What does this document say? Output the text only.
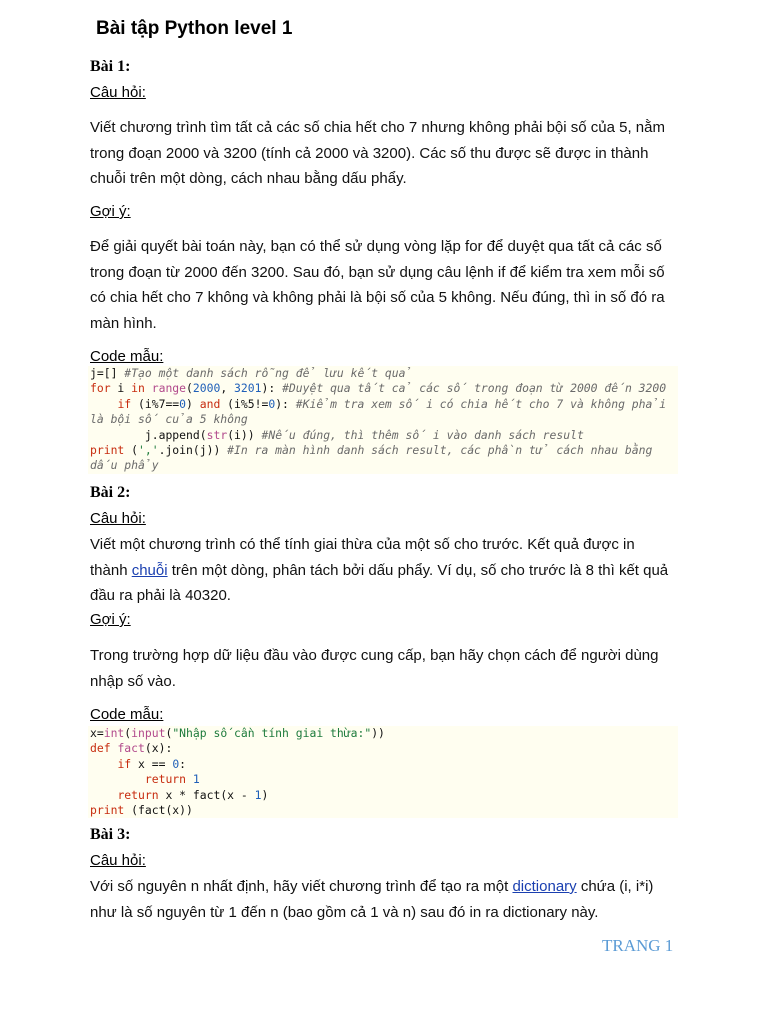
Bài tập Python level 1
Bài 1:
Câu hỏi:
Viết chương trình tìm tất cả các số chia hết cho 7 nhưng không phải bội số của 5, nằm
trong đoạn 2000 và 3200 (tính cả 2000 và 3200). Các số thu được sẽ được in thành
chuỗi trên một dòng, cách nhau bằng dấu phẩy.
Gợi ý:
Để giải quyết bài toán này, bạn có thể sử dụng vòng lặp for để duyệt qua tất cả các số
trong đoạn từ 2000 đến 3200. Sau đó, bạn sử dụng câu lệnh if để kiểm tra xem mỗi số
có chia hết cho 7 không và không phải là bội số của 5 không. Nếu đúng, thì in số đó ra
màn hình.
Code mẫu:
j=[] #Tạo một danh sách rỗng để lưu kết quả
for i in range(2000, 3201): #Duyệt qua tất cả các số trong đoạn từ 2000 đến 3200
if (i%7==0) and (i%5!=0): #Kiểm tra xem số i có chia hết cho 7 và không phải là bội số của 5 không
j.append(str(i)) #Nếu đúng, thì thêm số i vào danh sách result
print (','.join(j)) #In ra màn hình danh sách result, các phần tử cách nhau bằng dấu phẩy
Bài 2:
Câu hỏi:
Viết một chương trình có thể tính giai thừa của một số cho trước. Kết quả được in
thành chuỗi trên một dòng, phân tách bởi dấu phẩy. Ví dụ, số cho trước là 8 thì kết quả
đầu ra phải là 40320.
Gợi ý:
Trong trường hợp dữ liệu đầu vào được cung cấp, bạn hãy chọn cách để người dùng
nhập số vào.
Code mẫu:
x=int(input("Nhập số cần tính giai thừa:"))
def fact(x):
if x == 0:
return 1
return x * fact(x - 1)
print (fact(x))
Bài 3:
Câu hỏi:
Với số nguyên n nhất định, hãy viết chương trình để tạo ra một dictionary chứa (i, i*i)
như là số nguyên từ 1 đến n (bao gồm cả 1 và n) sau đó in ra dictionary này.
TRANG 1
